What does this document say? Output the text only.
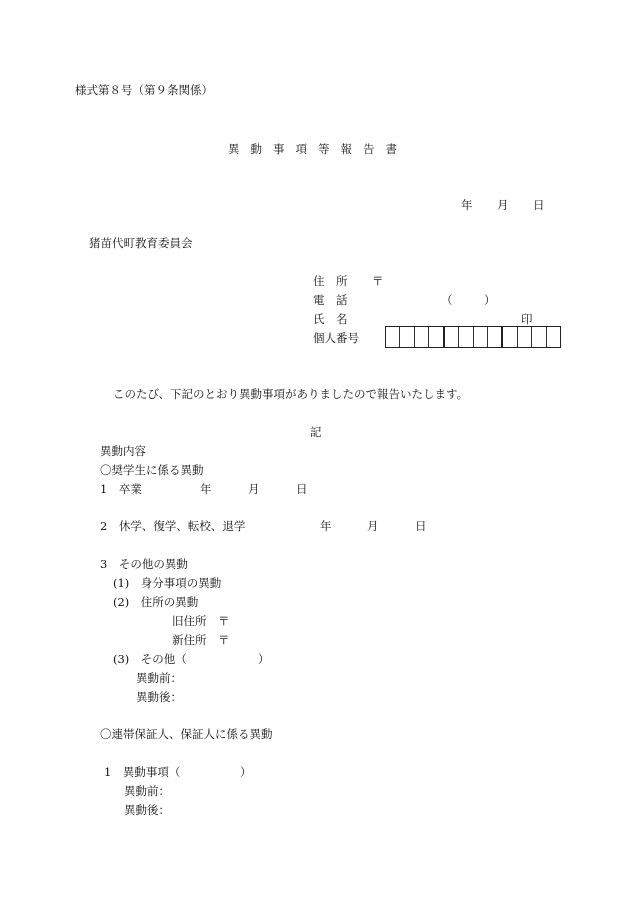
様式第８号（第９条関係）
異動事項等報告書
年 月 日
猪苗代町教育委員会
住　所 〒
電　話	（	）
氏　名	印
個人番号
このたび、下記のとおり異動事項がありましたので報告いたします。
記
異動内容
〇奨学生に係る異動
1　卒業	年	月	日
2　休学、復学、転校、退学	年	月	日
3　その他の異動
(1)　身分事項の異動
(2)　住所の異動
旧住所 〒
新住所 〒
(3)　その他（	）
異動前：
異動後：
〇連帯保証人、保証人に係る異動
1　異動事項（	）
異動前：
異動後：
